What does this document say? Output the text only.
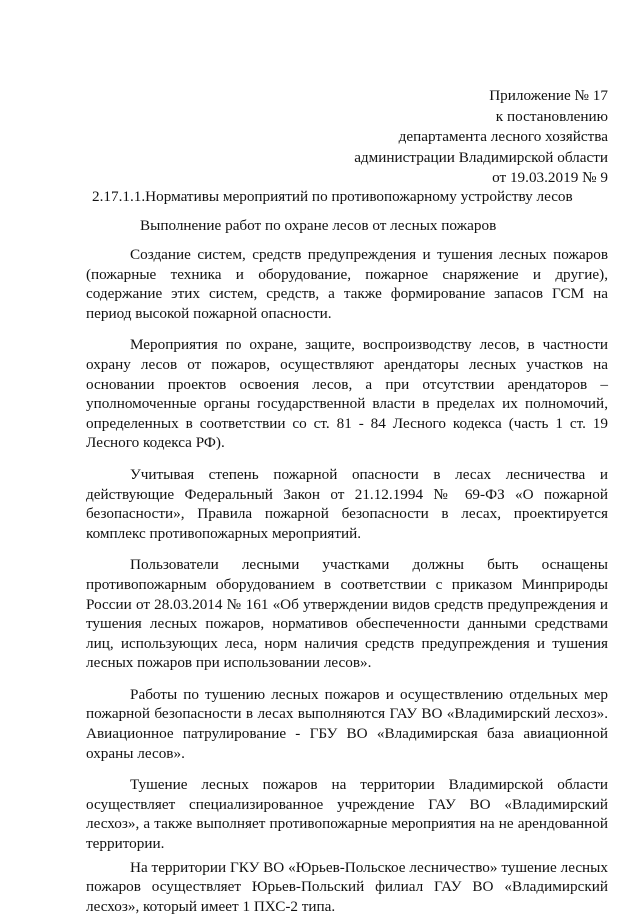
Приложение № 17
к постановлению
департамента лесного хозяйства
администрации Владимирской области
от 19.03.2019 № 9
2.17.1.1.Нормативы мероприятий по противопожарному устройству лесов
Выполнение работ по охране лесов от лесных пожаров

Создание систем, средств предупреждения и тушения лесных пожаров (пожарные техника и оборудование, пожарное снаряжение и другие), содержание этих систем, средств, а также формирование запасов ГСМ на период высокой пожарной опасности.

Мероприятия по охране, защите, воспроизводству лесов, в частности охрану лесов от пожаров, осуществляют арендаторы лесных участков на основании проектов освоения лесов, а при отсутствии арендаторов – уполномоченные органы государственной власти в пределах их полномочий, определенных в соответствии со ст. 81 - 84 Лесного кодекса (часть 1 ст. 19 Лесного кодекса РФ).

Учитывая степень пожарной опасности в лесах лесничества и действующие Федеральный Закон от 21.12.1994 № 69-ФЗ «О пожарной безопасности», Правила пожарной безопасности в лесах, проектируется комплекс противопожарных мероприятий.

Пользователи лесными участками должны быть оснащены противопожарным оборудованием в соответствии с приказом Минприроды России от 28.03.2014 № 161 «Об утверждении видов средств предупреждения и тушения лесных пожаров, нормативов обеспеченности данными средствами лиц, использующих леса, норм наличия средств предупреждения и тушения лесных пожаров при использовании лесов».

Работы по тушению лесных пожаров и осуществлению отдельных мер пожарной безопасности в лесах выполняются ГАУ ВО «Владимирский лесхоз». Авиационное патрулирование - ГБУ ВО «Владимирская база авиационной охраны лесов».

Тушение лесных пожаров на территории Владимирской области осуществляет специализированное учреждение ГАУ ВО «Владимирский лесхоз», а также выполняет противопожарные мероприятия на не арендованной территории.

На территории ГКУ ВО «Юрьев-Польское лесничество» тушение лесных пожаров осуществляет Юрьев-Польский филиал ГАУ ВО «Владимирский лесхоз», который имеет 1 ПХС-2 типа.
